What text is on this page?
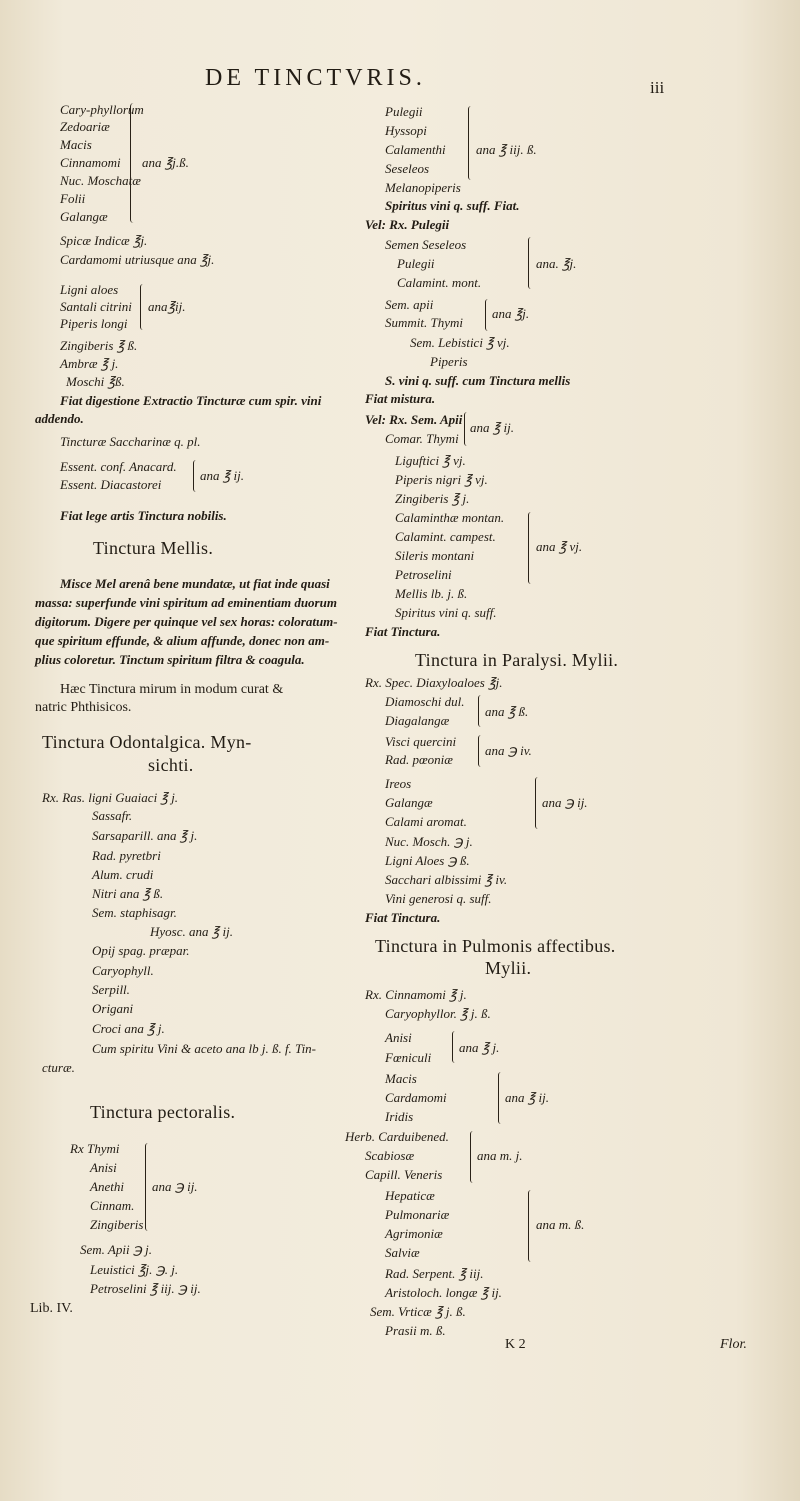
DE TINCTVRIS.	iii
Cary-phyllorum
Zedoariæ
Macis
Cinnamomi
Nuc. Moschatæ
Folii
Galangæ
ana ℥j.ß.
Spicæ Indicæ ℥j.
Cardamomi utriusque ana ℥j.
Ligni aloes
Santali citrini
Piperis longi
ana℥ij.
Zingiberis ℥ ß.
Ambræ ℥ j.
Moschi ℥ß.
Fiat digestione Extractio Tincturæ cum spir. vini
addendo.
Tincturæ Saccharinæ q. pl.
Essent. conf. Anacard.
Essent. Diacastorei
ana ℥ ij.
Fiat lege artis Tinctura nobilis.
Tinctura Mellis.
Misce Mel arenâ bene mundatæ, ut fiat inde quasi
massa: superfunde vini spiritum ad eminentiam duorum
digitorum. Digere per quinque vel sex horas: coloratum-
que spiritum effunde, & alium affunde, donec non am-
plius coloretur. Tinctum spiritum filtra & coagula.
Hæc Tinctura mirum in modum curat &
natric Phthisicos.
Tinctura Odontalgica. Myn-
sichti.
Rx. Ras. ligni Guaiaci ℥ j.
Sassafr.
Sarsaparill. ana ℥ j.
Rad. pyretbri
Alum. crudi
Nitri ana ℥ ß.
Sem. staphisagr.
Hyosc. ana ℥ ij.
Opij spag. præpar.
Caryophyll.
Serpill.
Origani
Croci ana ℥ j.
Cum spiritu Vini & aceto ana lb j. ß. f. Tin-
cturæ.
Tinctura pectoralis.
Rx Thymi
Anisi
Anethi
Cinnam.
Zingiberis
ana ℈ ij.
Sem. Apii ℈ j.
Leuistici ℥j. ℈. j.
Petroselini ℥ iij. ℈ ij.
Lib. IV.
Pulegii
Hyssopi
Calamenthi
Seseleos
ana ℥ iij. ß.
Melanopiperis
Spiritus vini q. suff. Fiat.
Vel: Rx. Pulegii
Semen Seseleos
Pulegii
Calamint. mont.
ana. ℥j.
Sem. apii
Summit. Thymi
ana ℥j.
Sem. Lebistici ℥ vj.
Piperis
S. vini q. suff. cum Tinctura mellis
Fiat mistura.
Vel: Rx. Sem. Apii
Comar. Thymi
ana ℥ ij.
Liguftici ℥ vj.
Piperis nigri ℥ vj.
Zingiberis ℥ j.
Calaminthæ montan.
Calamint. campest.
Sileris montani
Petroselini
ana ℥ vj.
Mellis lb. j. ß.
Spiritus vini q. suff.
Fiat Tinctura.
Tinctura in Paralysi. Mylii.
Rx. Spec. Diaxyloaloes ℥j.
Diamoschi dul.
Diagalangæ
ana ℥ ß.
Visci quercini
Rad. pœoniæ
ana ℈ iv.
Ireos
Galangæ
Calami aromat.
ana ℈ ij.
Nuc. Mosch. ℈ j.
Ligni Aloes ℈ ß.
Sacchari albissimi ℥ iv.
Vini generosi q. suff.
Fiat Tinctura.
Tinctura in Pulmonis affectibus.
Mylii.
Rx. Cinnamomi ℥ j.
Caryophyllor. ℥ j. ß.
Anisi
Fœniculi
ana ℥ j.
Macis
Cardamomi
Iridis
ana ℥ ij.
Herb. Carduibened.
Scabiosæ
Capill. Veneris
ana m. j.
Hepaticæ
Pulmonariæ
Agrimoniæ
Salviæ
ana m. ß.
Rad. Serpent. ℥ iij.
Aristoloch. longæ ℥ ij.
Sem. Vrticæ ℥ j. ß.
Prasii m. ß.
K 2	Flor.
